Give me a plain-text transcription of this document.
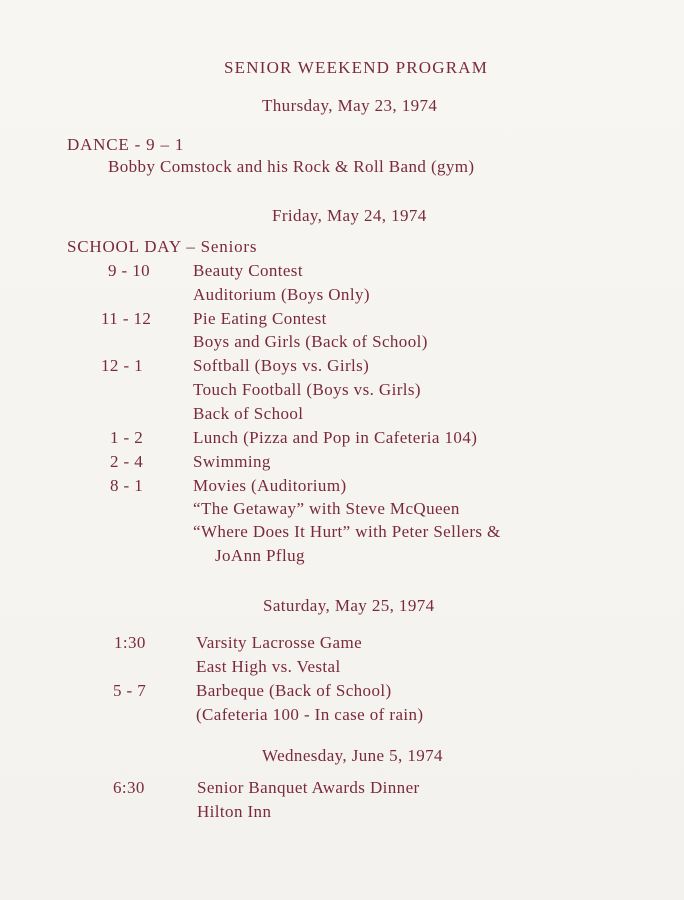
SENIOR WEEKEND PROGRAM
Thursday, May 23, 1974
DANCE - 9 – 1
Bobby Comstock and his Rock & Roll Band (gym)
Friday, May 24, 1974
SCHOOL DAY – Seniors
9 - 10	Beauty Contest
Auditorium (Boys Only)
11 - 12 Pie Eating Contest
Boys and Girls (Back of School)
12 - 1	Softball (Boys vs. Girls)
Touch Football (Boys vs. Girls)
Back of School
1 - 2	Lunch (Pizza and Pop in Cafeteria 104)
2 - 4	Swimming
8 - 1	Movies (Auditorium)
“The Getaway” with Steve McQueen
“Where Does It Hurt” with Peter Sellers &
JoAnn Pflug
Saturday, May 25, 1974
1:30	Varsity Lacrosse Game
East High vs. Vestal
5 - 7	Barbeque (Back of School)
(Cafeteria 100 - In case of rain)
Wednesday, June 5, 1974
6:30	Senior Banquet Awards Dinner
Hilton Inn
